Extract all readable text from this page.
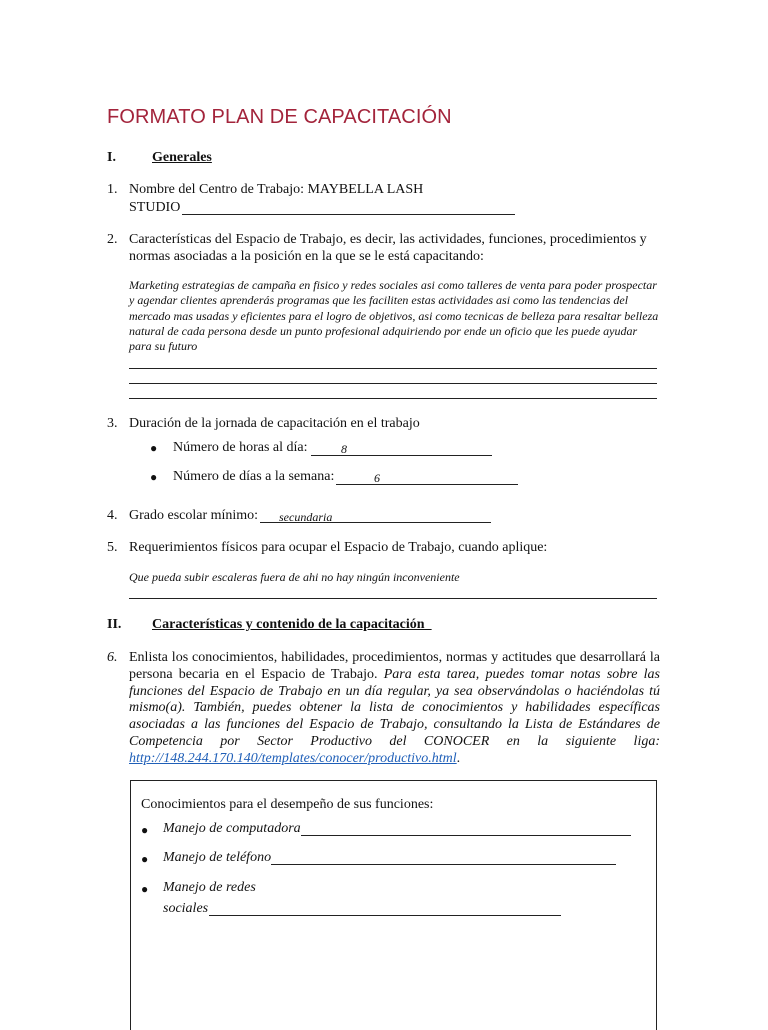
FORMATO PLAN DE CAPACITACIÓN
I.	Generales
1. Nombre del Centro de Trabajo: MAYBELLA LASH
STUDIO
2. Características del Espacio de Trabajo, es decir, las actividades, funciones, procedimientos y
normas asociadas a la posición en la que se le está capacitando:
Marketing estrategias de campaña en fisico y redes sociales asi como talleres de venta para poder prospectar y agendar clientes aprenderás programas que les faciliten estas actividades asi como las tendencias del mercado mas usadas y eficientes para el logro de objetivos, asi como tecnicas de belleza para resaltar belleza natural de cada persona desde un punto profesional adquiriendo por ende un oficio que les puede ayudar para su futuro
3. Duración de la jornada de capacitación en el trabajo
● Número de horas al día:	8
● Número de días a la semana:	6
4. Grado escolar mínimo: secundaria
5. Requerimientos físicos para ocupar el Espacio de Trabajo, cuando aplique:
Que pueda subir escaleras fuera de ahi no hay ningún inconveniente
II. Características y contenido de la capacitación
6. Enlista los conocimientos, habilidades, procedimientos, normas y actitudes que desarrollará la persona becaria en el Espacio de Trabajo. Para esta tarea, puedes tomar notas sobre las funciones del Espacio de Trabajo en un día regular, ya sea observándolas o haciéndolas tú mismo(a). También, puedes obtener la lista de conocimientos y habilidades específicas asociadas a las funciones del Espacio de Trabajo, consultando la Lista de Estándares de Competencia por Sector Productivo del CONOCER en la siguiente liga: http://148.244.170.140/templates/conocer/productivo.html.
Conocimientos para el desempeño de sus funciones:
● Manejo de computadora
● Manejo de teléfono
● Manejo de redes
sociales
